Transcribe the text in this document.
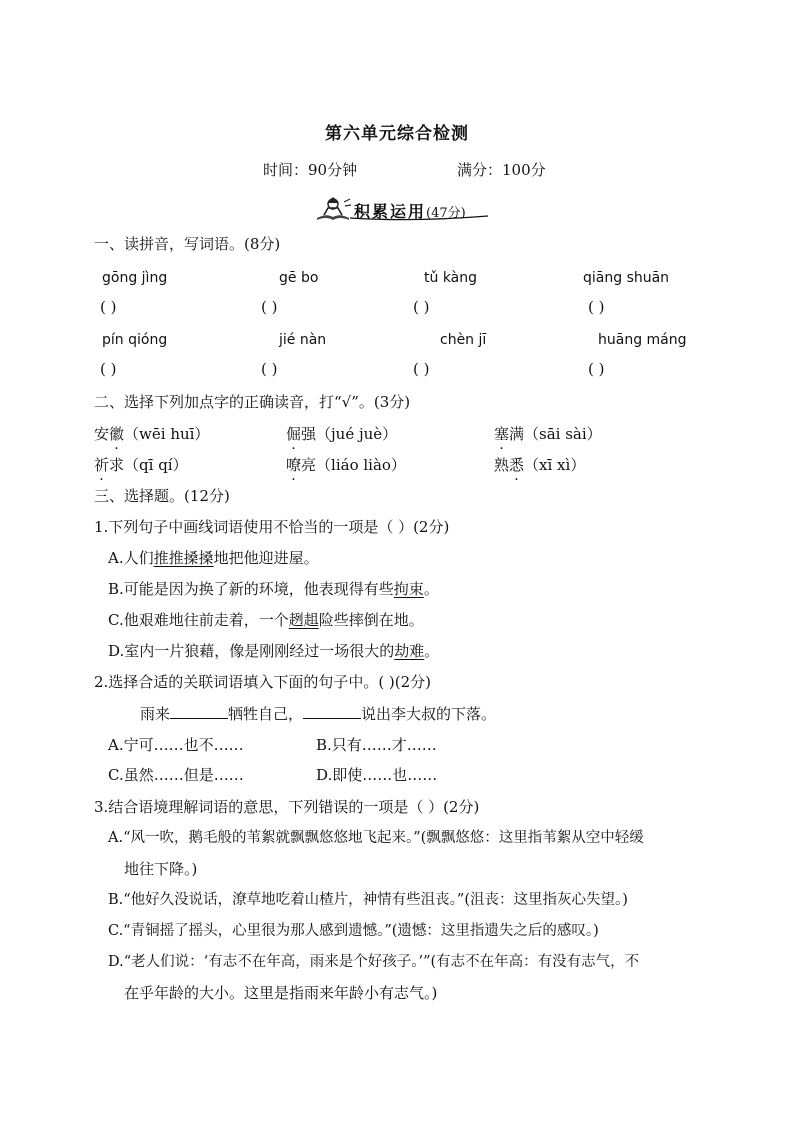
第六单元综合检测
时间：90分钟	满分：100分
积累运用(47分)
一、读拼音，写词语。(8分)
gōng jìng	gē bo	tǔ kàng	qiāng shuān
( )	( )	( )	( )
pín qióng	jié nàn	chèn jī	huāng máng
( )	( )	( )	( )
二、选择下列加点字的正确读音，打“√”。(3分)
安徽（wēi huī）	倔强（jué juè）	塞满（sāi sài）
祈求（qī qí）	嘹亮（liáo liào）	熟悉（xī xì）
三、选择题。(12分)
1.下列句子中画线词语使用不恰当的一项是（ ）(2分)
A.人们推推搡搡地把他迎进屋。
B.可能是因为换了新的环境，他表现得有些拘束。
C.他艰难地往前走着，一个趔趄险些摔倒在地。
D.室内一片狼藉，像是刚刚经过一场很大的劫难。
2.选择合适的关联词语填入下面的句子中。( )(2分)
雨来	牺牲自己，	说出李大叔的下落。
A.宁可……也不……	B.只有……才……
C.虽然……但是……	D.即使……也……
3.结合语境理解词语的意思，下列错误的一项是（ ）(2分)
A.“风一吹，鹅毛般的苇絮就飘飘悠悠地飞起来。”(飘飘悠悠：这里指苇絮从空中轻缓
地往下降。)
B.“他好久没说话，潦草地吃着山楂片，神情有些沮丧。”(沮丧：这里指灰心失望。)
C.“青铜摇了摇头，心里很为那人感到遗憾。”(遗憾：这里指遗失之后的感叹。)
D.“老人们说：‘有志不在年高，雨来是个好孩子。’”(有志不在年高：有没有志气，不
在乎年龄的大小。这里是指雨来年龄小有志气。)
